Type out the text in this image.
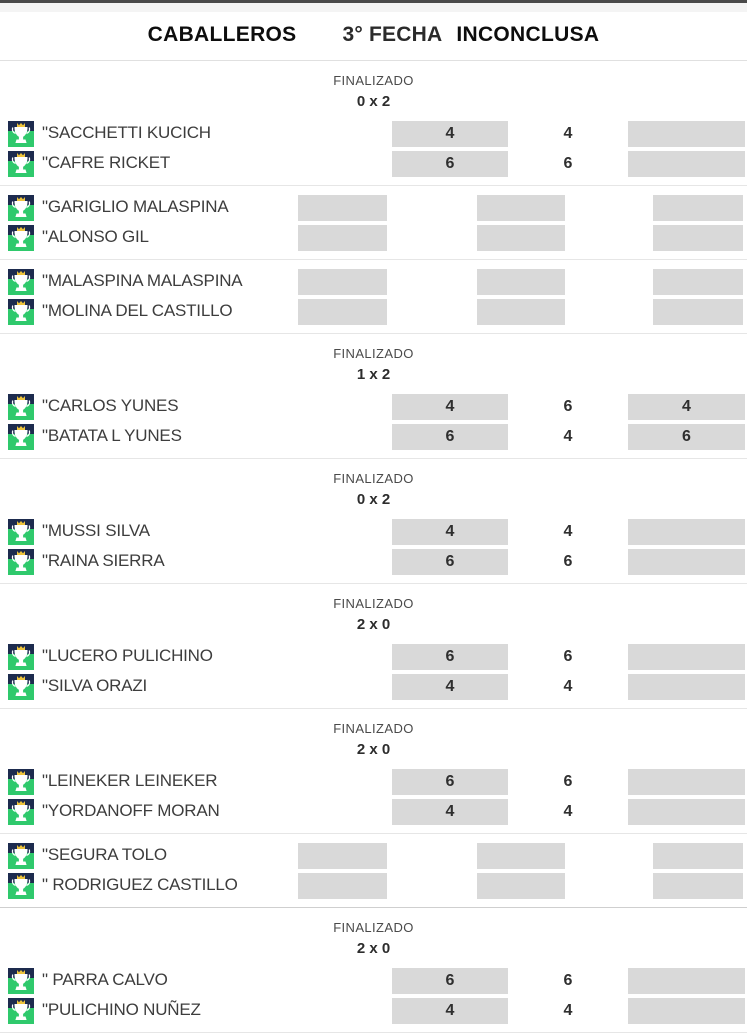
CABALLEROS 3° FECHA INCONCLUSA
FINALIZADO
0 x 2
"SACCHETTI KUCICH	4	4
"CAFRE RICKET	6	6
"GARIGLIO MALASPINA
"ALONSO GIL
"MALASPINA MALASPINA
"MOLINA DEL CASTILLO
FINALIZADO
1 x 2
"CARLOS YUNES	4	6	4
"BATATA L YUNES	6	4	6
FINALIZADO
0 x 2
"MUSSI SILVA	4	4
"RAINA SIERRA	6	6
FINALIZADO
2 x 0
"LUCERO PULICHINO	6	6
"SILVA ORAZI	4	4
FINALIZADO
2 x 0
"LEINEKER LEINEKER	6	6
"YORDANOFF MORAN	4	4
"SEGURA TOLO
" RODRIGUEZ CASTILLO
FINALIZADO
2 x 0
" PARRA CALVO	6	6
"PULICHINO NUÑEZ	4	4
